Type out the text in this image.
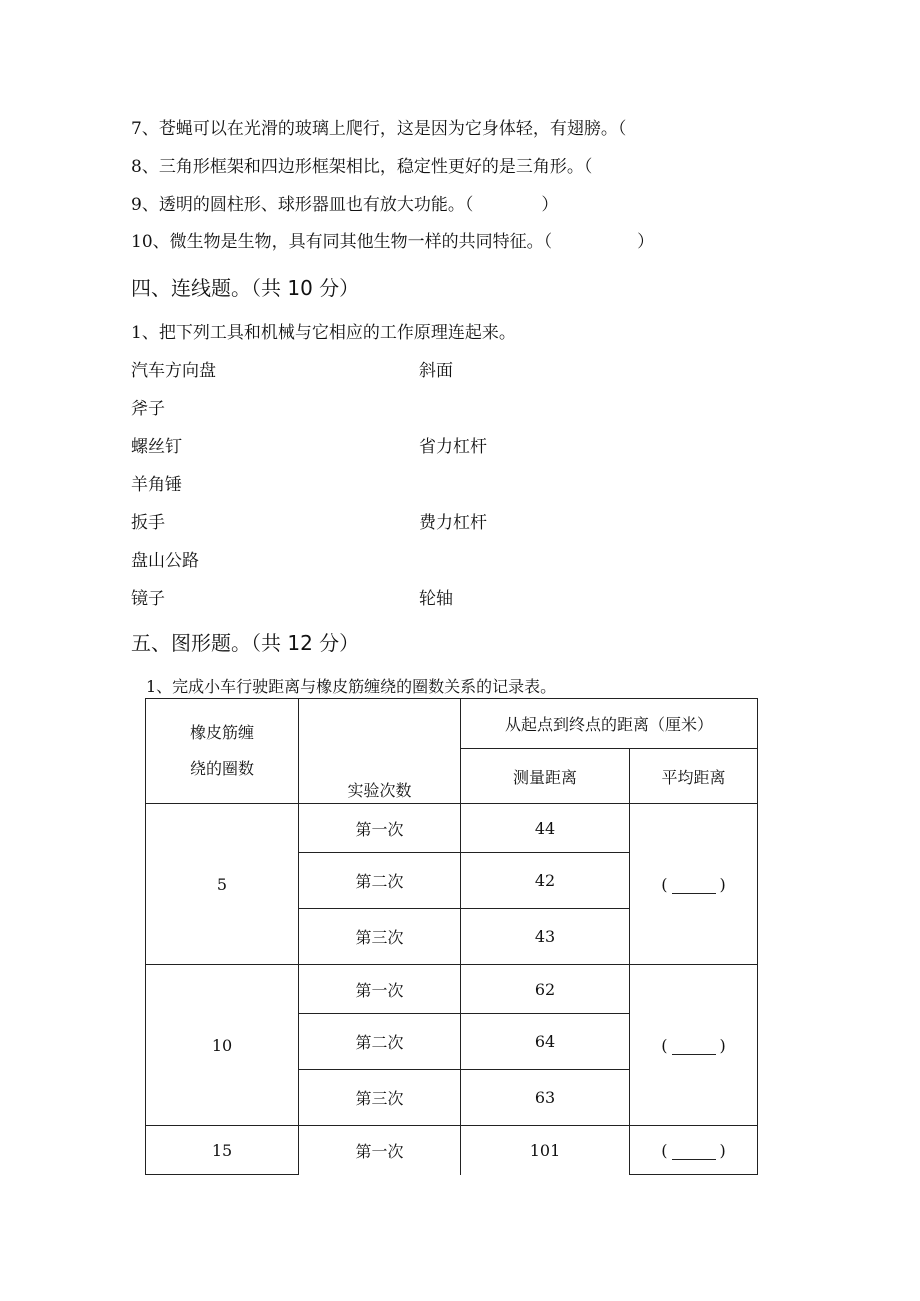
7、苍蝇可以在光滑的玻璃上爬行，这是因为它身体轻，有翅膀。（
8、三角形框架和四边形框架相比，稳定性更好的是三角形。（
9、透明的圆柱形、球形器皿也有放大功能。（　　　　）
10、微生物是生物，具有同其他生物一样的共同特征。（　　　　　）
四、连线题。（共 10 分）
1、把下列工具和机械与它相应的工作原理连起来。
汽车方向盘
斧子
螺丝钉
羊角锤
扳手
盘山公路
镜子
斜面
省力杠杆
费力杠杆
轮轴
五、图形题。（共 12 分）
1、完成小车行驶距离与橡皮筋缠绕的圈数关系的记录表。
橡皮筋缠
绕的圈数	实验次数	从起点到终点的距离（厘米）	
		测量距离	平均距离
5	第一次	44	( )
	第二次	42	
	第三次	43	
10	第一次	62	( )
	第二次	64	
	第三次	63	
15	第一次	101	( )
